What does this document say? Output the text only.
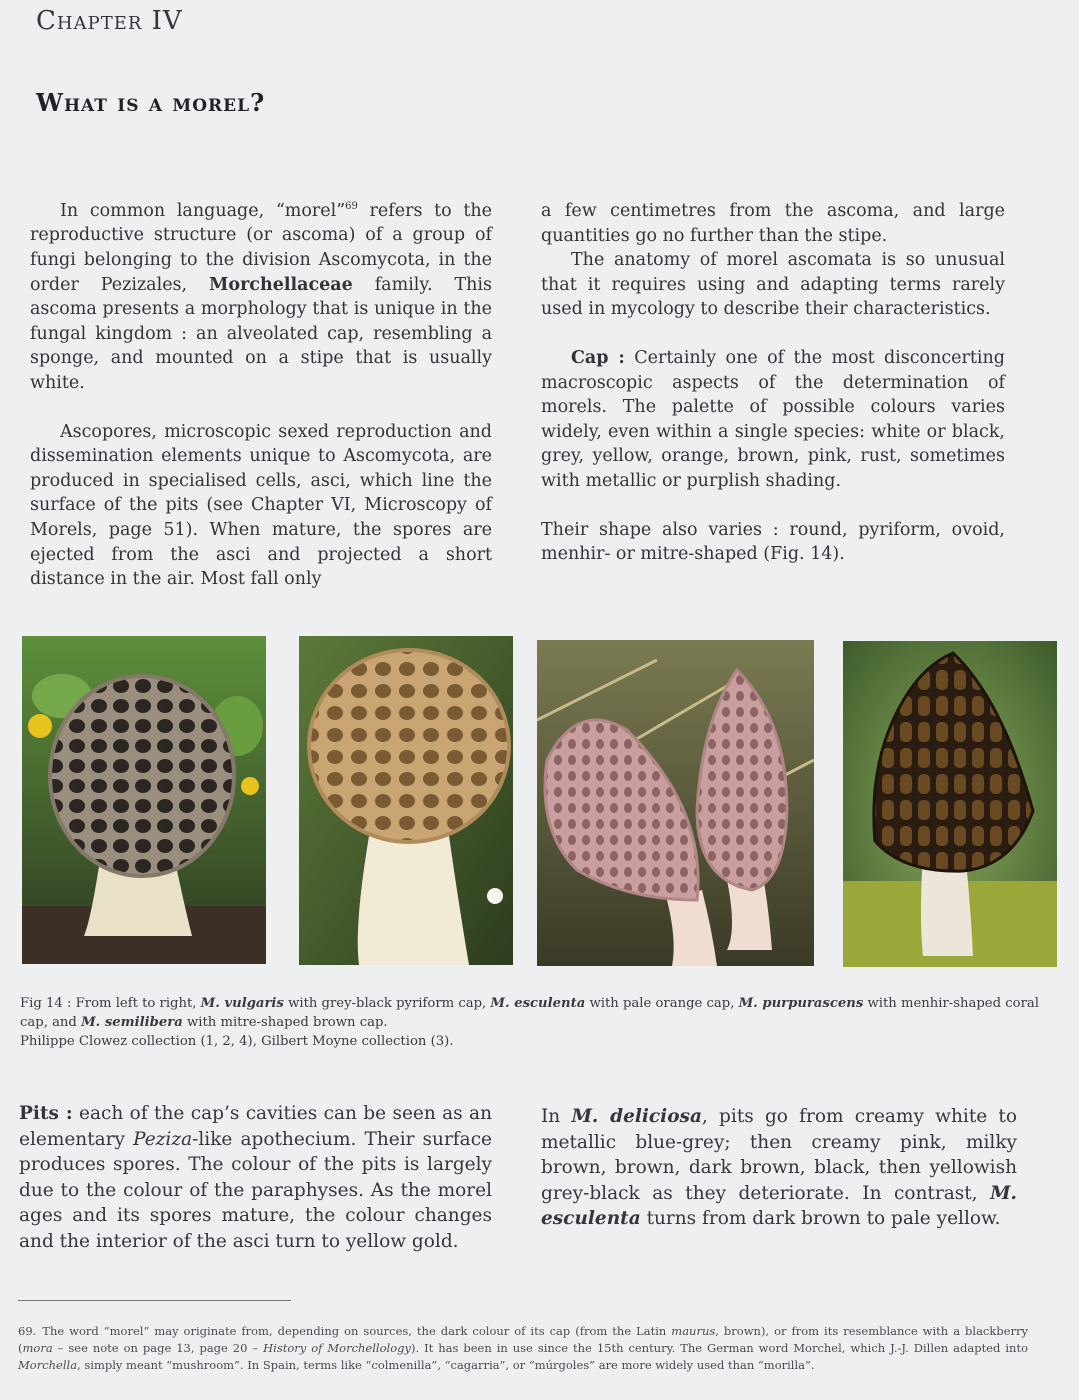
Chapter IV
What is a morel?

In common language, “morel”$^{69}$ refers to the reproductive structure (or ascoma) of a group of fungi belonging to the division Ascomycota, in the order Pezizales, Morchellaceae family. This ascoma presents a morphology that is unique in the fungal kingdom : an alveolated cap, resembling a sponge, and mounted on a stipe that is usually white.

Ascopores, microscopic sexed reproduction and dissemination elements unique to Ascomycota, are produced in specialised cells, asci, which line the surface of the pits (see Chapter VI, Microscopy of Morels, page 51). When mature, the spores are ejected from the asci and projected a short distance in the air. Most fall only

a few centimetres from the ascoma, and large quantities go no further than the stipe.

The anatomy of morel ascomata is so unusual that it requires using and adapting terms rarely used in mycology to describe their characteristics.

Cap : Certainly one of the most disconcerting macroscopic aspects of the determination of morels. The palette of possible colours varies widely, even within a single species: white or black, grey, yellow, orange, brown, pink, rust, sometimes with metallic or purplish shading.

Their shape also varies : round, pyriform, ovoid, menhir- or mitre-shaped (Fig. 14).

Fig 14 : From left to right, M. vulgaris with grey-black pyriform cap, M. esculenta with pale orange cap, M. purpurascens with menhir-shaped coral cap, and M. semilibera with mitre-shaped brown cap.
Philippe Clowez collection (1, 2, 4), Gilbert Moyne collection (3).
Pits : each of the cap’s cavities can be seen as an elementary Peziza-like apothecium. Their surface produces spores. The colour of the pits is largely due to the colour of the paraphyses. As the morel ages and its spores mature, the colour changes and the interior of the asci turn to yellow gold.
In M. deliciosa, pits go from creamy white to metallic blue-grey; then creamy pink, milky brown, brown, dark brown, black, then yellowish grey-black as they deteriorate. In contrast, M. esculenta turns from dark brown to pale yellow.
69. The word “morel” may originate from, depending on sources, the dark colour of its cap (from the Latin maurus, brown), or from its resemblance with a blackberry (mora – see note on page 13, page 20 – History of Morchellology). It has been in use since the 15th century. The German word Morchel, which J.-J. Dillen adapted into Morchella, simply meant “mushroom”. In Spain, terms like “colmenilla”, “cagarria”, or “múrgoles” are more widely used than “morilla”.
